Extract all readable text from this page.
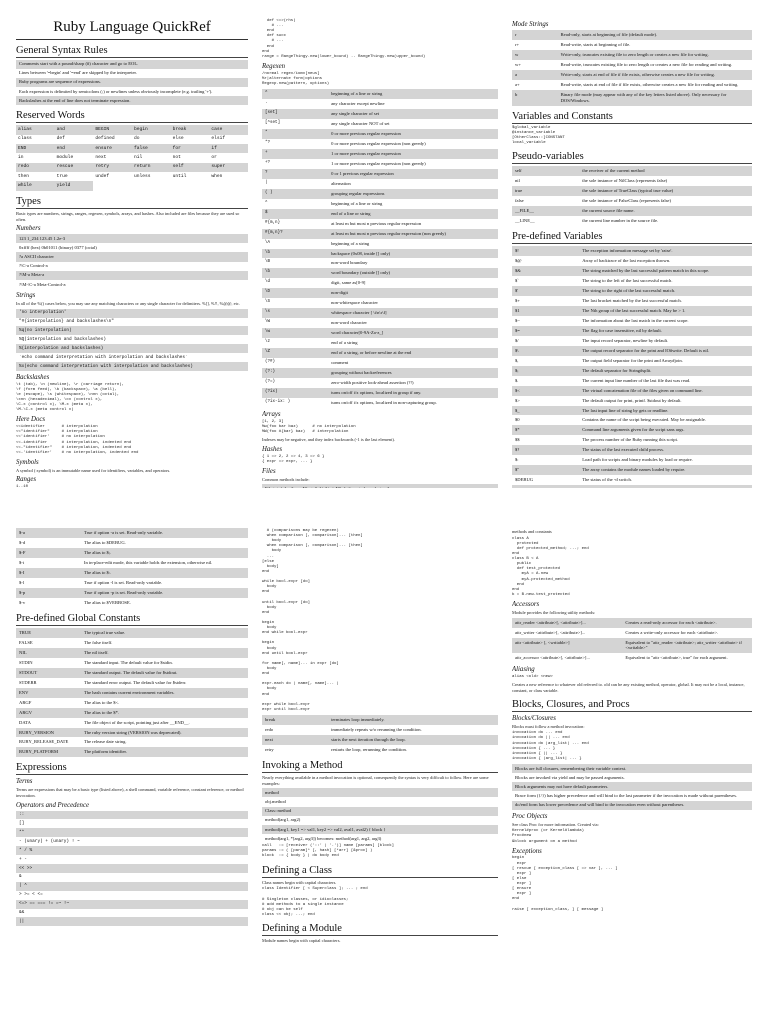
Ruby Language QuickRef
General Syntax Rules
Comments start with a pound/sharp (#) character and go to EOL.
Lines between '=begin' and '=end' are skipped by the interpreter.
Ruby programs are sequence of expressions.
Each expression is delimited by semicolons (;) or newlines unless obviously incomplete (e.g. trailing '+').
Backslashes at the end of line does not terminate expression.
Reserved Words
alias	and	BEGIN	begin	break	case
class	def	defined	do	else	elsif
END	end	ensure	false	for	if
in	module	next	nil	not	or
redo	rescue	retry	return	self	super
then	true	undef	unless	until	when
while	yield
Types
Basic types are numbers, strings, ranges, regexen, symbols, arrays, and hashes. Also included are files because they are used so often.
Numbers
123 1_234 123.45 1.2e-3
0xffff (hex) 0b01011 (binary) 0377 (octal)
?a ASCII character
?\C-a Control-a
?\M-a Meta-a
?\M-\C-a Meta-Control-a
Strings
In all of the %() cases below, you may use any matching characters or any single character for delimiters. %[], %!!, %@@, etc.
'no interpolation'
"#{interpolation} and backslashes\n"
%q(no interpolation)
%Q(interpolation and backslashes)
%(interpolation and backslashes)
`echo command interpretation with interpolation and backslashes`
%x(echo command interpretation with interpolation and backslashes)
Backslashes
\t (tab), \n (newline), \r (carriage return),
\f (form feed), \b (backspace), \a (bell),
\e (escape), \s (whitespace), \nnn (octal),
\xnn (hexadecimal), \cx (control x),
\C-x (control x), \M-x (meta x),
\M-\C-x (meta control x)
Here Docs
<<identifier       # interpolation
<<"identifier"     # interpolation
<<'identifier'     # no interpolation
<<-identifier      # interpolation, indented end
<<-"identifier"    # interpolation, indented end
<<-'identifier'    # no interpolation, indented end
Symbols
A symbol (:symbol) is an immutable name used for identifiers, variables, and operators.
Ranges
1..10

def <=>(rhs)
# ...
end
def succ
# ...
end
end
range = RangeThingy.new(lower_bound) .. RangeThingy.new(upper_bound)
Regexen
/normal regex/iomx[neus]
%r|alternate form|options
Regexp.new(pattern, options)
^	beginning of a line or string
.	any character except newline
[set]	any single character of set
[^set]	any single character NOT of set
*	0 or more previous regular expression
*?	0 or more previous regular expression (non greedy)
+	1 or more previous regular expression
+?	1 or more previous regular expression (non greedy)
?	0 or 1 previous regular expression
|	alternation
( )	grouping regular expressions
^	beginning of a line or string
$	end of a line or string
#{m,n}	at least m but most n previous regular expression
#{m,n}?	at least m but most n previous regular expression (non greedy)
\A	beginning of a string
\b	backspace (0x08, inside [] only)
\B	non-word boundary
\b	word boundary (outside [] only)
\d	digit, same as[0-9]
\D	non-digit
\S	non-whitespace character
\s	whitespace character [ \t\n\r\f]
\W	non-word character
\w	word character[0-9A-Za-z_]
\z	end of a string
\Z	end of a string, or before newline at the end
(?#)	comment
(?:)	grouping without backreferences
(?=)	zero-width positive look-ahead assertion (?!)
(?ix)	turns on/off i/x options, localized in group if any.
(?ix-ix: )	turns on/off i/x options, localized in non-capturing group.
Arrays
[1, 2, 3]
%w(foo bar baz)      # no interpolation
%W(foo #{bar} baz)   # interpolation
Indexes may be negative, and they index backwards (-1 is the last element).
Hashes
{ 1 => 2, 2 => 4, 3 => 6 }
{ expr => expr, ... }
Files
Common methods include:
Mode Strings
r	Read-only, starts at beginning of file (default mode).
r+	Read-write, starts at beginning of file.
w	Write-only, truncates existing file to zero length or creates a new file for writing.
w+	Read-write, truncates existing file to zero length or creates a new file for reading and writing.
a	Write-only, starts at end of file if file exists, otherwise creates a new file for writing.
a+	Read-write, starts at end of file if file exists, otherwise creates a new file for reading and writing.
b	Binary file mode (may appear with any of the key letters listed above). Only necessary for DOS/Windows.
Variables and Constants
$global_variable
@instance_variable
[OtherClass::]CONSTANT
local_variable
Pseudo-variables
self	the receiver of the current method
nil	the sole instance of NilClass (represents false)
true	the sole instance of TrueClass (typical true value)
false	the sole instance of FalseClass (represents false)
__FILE__	the current source file name.
__LINE__	the current line number in the source file.
Pre-defined Variables
$!	The exception information message set by 'raise'.
$@	Array of backtrace of the last exception thrown.
$&	The string matched by the last successful pattern match in this scope.
$`	The string to the left of the last successful match.
$'	The string to the right of the last successful match.
$+	The last bracket matched by the last successful match.
$1	The Nth group of the last successful match. May be > 1.
$~	The information about the last match in the current scope.
$=	The flag for case insensitive, nil by default.
$/	The input record separator, newline by default.
$\	The output record separator for the print and IO#write. Default is nil.
$,	The output field separator for the print and Array#join.
$;	The default separator for String#split.
$.	The current input line number of the last file that was read.
$<	The virtual concatenation file of the files given on command line.
$>	The default output for print, printf. $stdout by default.
$_	The last input line of string by gets or readline.
$0	Contains the name of the script being executed. May be assignable.
$*	Command line arguments given for the script sans args.
$$	The process number of the Ruby running this script.
$?	The status of the last executed child process.
$:	Load path for scripts and binary modules by load or require.
$"	The array contains the module names loaded by require.
$DEBUG	The status of the -d switch.

$-a	True if option -a is set. Read-only variable.
$-d	The alias to $DEBUG.
$-F	The alias to $;.
$-i	In in-place-edit mode, this variable holds the extension, otherwise nil.
$-I	The alias to $:.
$-l	True if option -l is set. Read-only variable.
$-p	True if option -p is set. Read-only variable.
$-v	The alias to $VERBOSE.
Pre-defined Global Constants
TRUE	The typical true value.
FALSE	The false itself.
NIL	The nil itself.
STDIN	The standard input. The default value for $stdin.
STDOUT	The standard output. The default value for $stdout.
STDERR	The standard error output. The default value for $stderr.
ENV	The hash contains current environment variables.
ARGF	The alias to the $<.
ARGV	The alias to the $*.
DATA	The file object of the script, pointing just after __END__.
RUBY_VERSION	The ruby version string (VERSION was deprecated).
RUBY_RELEASE_DATE	The release date string.
RUBY_PLATFORM	The platform identifier.
Expressions
Terms
Terms are expressions that may be a basic type (listed above), a shell command, variable reference, constant reference, or method invocation.
Operators and Precedence
::
[]
**
- (unary) + (unary) ! ~
* / %
+ -
<< >>
&
| ^
> >= < <=
<=> == === != =~ !~
&&
||
# (comparisons may be regexen)
when comparison [, comparison]... [then]
body
when comparison [, comparison]... [then]
body
...
[else
body]
end

while bool-expr [do]
body
end

until bool-expr [do]
body
end

begin
body
end while bool-expr

begin
body
end until bool-expr

for name[, name]... in expr [do]
body
end

expr.each do | name[, name]... |
body
end

expr while bool-expr
expr until bool-expr
break	terminates loop immediately.
redo	immediately repeats w/o rerunning the condition.
next	starts the next iteration through the loop.
retry	restarts the loop, rerunning the condition.
Invoking a Method
Nearly everything available in a method invocation is optional, consequently the syntax is very difficult to follow. Here are some examples:
method
obj.method
Class::method
method(arg1, arg2)
method(arg1, key1 => val1, key2 => val2, aval1, aval2) { block }
method(arg1, *[arg2, arg3]) becomes: method(arg1, arg2, arg3)
call   := [receiver ('::' | '.')] name [params] [block]
params := ( [param]* [, hash] [*arr] [&proc] )
block  := { body } | do body end
Defining a Class
Class names begin with capital characters.
class Identifier [ < Superclass ]; ... ; end

# Singleton classes, or idioclasses;
# add methods to a single instance
# obj can be self
class << obj; ...; end
Defining a Module
Module names begin with capital characters.
methods and constants
class A
protected
def protected_method; ...; end
end
class B < A
public
def test_protected
myA = A.new
myA.protected_method
end
end
b = B.new.test_protected
Accessors
Module provides the following utility methods:
attr_reader <attribute>[, <attribute>]...	Creates a read-only accessor for each <attribute>.
attr_writer <attribute>[, <attribute>]...	Creates a write-only accessor for each <attribute>.
attr <attribute> [, <writable>]	Equivalent to "attr_reader <attribute>; attr_writer <attribute> if <writable>"
attr_accessor <attribute>[, <attribute>]...	Equivalent to "attr <attribute>, true" for each argument.
Aliasing
alias <old> <new>
Creates a new reference to whatever old referred to. old can be any existing method, operator, global. It may not be a local, instance, constant, or class variable.
Blocks, Closures, and Procs
Blocks/Closures
Blocks must follow a method invocation:
invocation do ... end
invocation do || ... end
invocation do |arg_list| ... end
invocation { ... }
invocation { || ... }
invocation { |arg_list| ... }
Blocks are full closures, remembering their variable context.
Blocks are invoked via yield and may be passed arguments.
Block arguments may not have default parameters.
Brace form ({/}) has higher precedence and will bind to the last parameter if the invocation is made without parentheses.
do/end form has lower precedence and will bind to the invocation even without parentheses.
Proc Objects
See class Proc for more information. Created via:
Kernel#proc (or Kernel#lambda)
Proc#new
&block argument on a method
Exceptions
begin
expr
[ rescue [ exception_class [ => var ], ... ]
expr ]
[ else
expr ]
[ ensure
expr ]
end

raise [ exception_class, ] [ message ]
